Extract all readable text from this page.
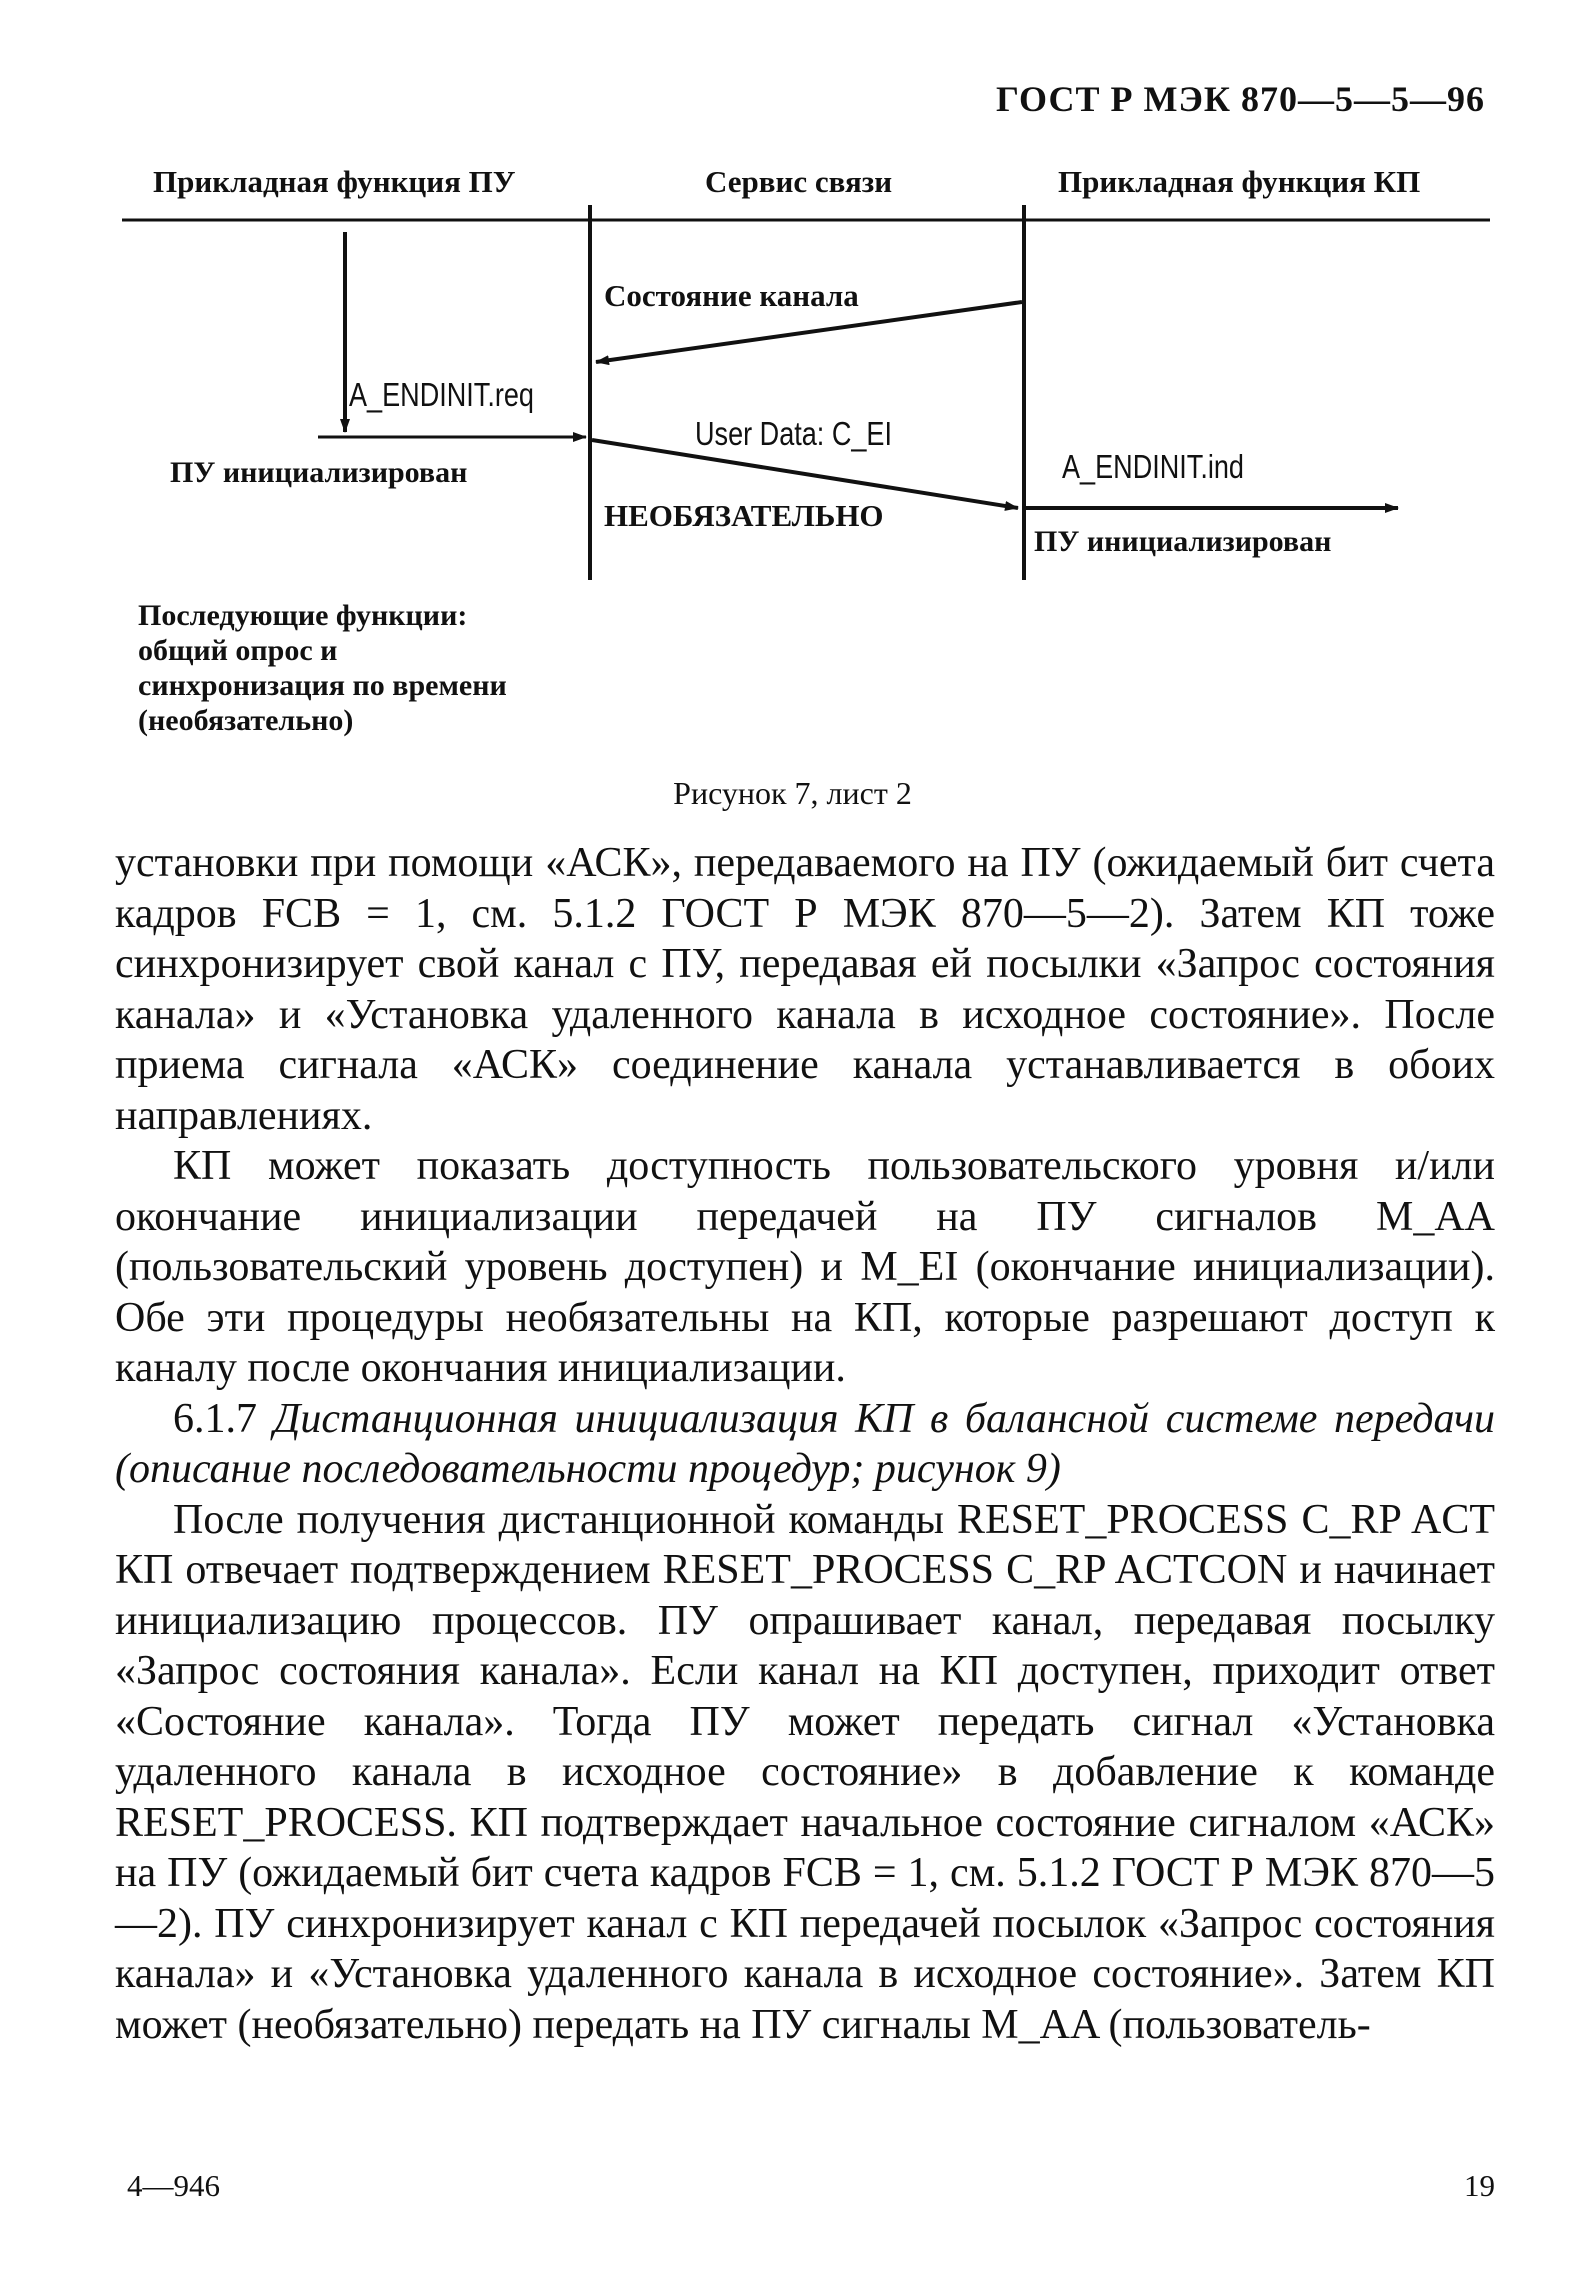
ГОСТ Р МЭК 870—5—5—96
Прикладная функция ПУ	Сервис связи	Прикладная функция КП
Состояние канала
A_ENDINIT.req
User Data: C_EI
ПУ инициализирован
НЕОБЯЗАТЕЛЬНО
A_ENDINIT.ind
ПУ инициализирован
Последующие функции:
общий опрос и
синхронизация по времени
(необязательно)
Рисунок 7, лист 2

установки при помощи «АСК», передаваемого на ПУ (ожидаемый бит счета кадров FCB = 1, см. 5.1.2 ГОСТ Р МЭК 870—5—2). Затем КП тоже синхронизирует свой канал с ПУ, передавая ей посылки «Запрос состояния канала» и «Установка удаленного канала в исходное состояние». После приема сигнала «АСК» соединение канала устанавливается в обоих направлениях.

КП может показать доступность пользовательского уровня и/или окончание инициализации передачей на ПУ сигналов M_AA (пользовательский уровень доступен) и M_EI (окончание инициализации). Обе эти процедуры необязательны на КП, которые разрешают доступ к каналу после окончания инициализации.

6.1.7 Дистанционная инициализация КП в балансной системе передачи (описание последовательности процедур; рисунок 9)

После получения дистанционной команды RESET_PROCESS C_RP ACT КП отвечает подтверждением RESET_PROCESS C_RP ACTCON и начинает инициализацию процессов. ПУ опрашивает канал, передавая посылку «Запрос состояния канала». Если канал на КП доступен, приходит ответ «Состояние канала». Тогда ПУ может передать сигнал «Установка удаленного канала в исходное состояние» в добавление к команде RESET_PROCESS. КП подтверждает начальное состояние сигналом «АСК» на ПУ (ожидаемый бит счета кадров FCB = 1, см. 5.1.2 ГОСТ Р МЭК 870—5—2). ПУ синхронизирует канал с КП передачей посылок «Запрос состояния канала» и «Установка удаленного канала в исходное состояние». Затем КП может (необязательно) передать на ПУ сигналы M_AA (пользователь-

4—946	19
